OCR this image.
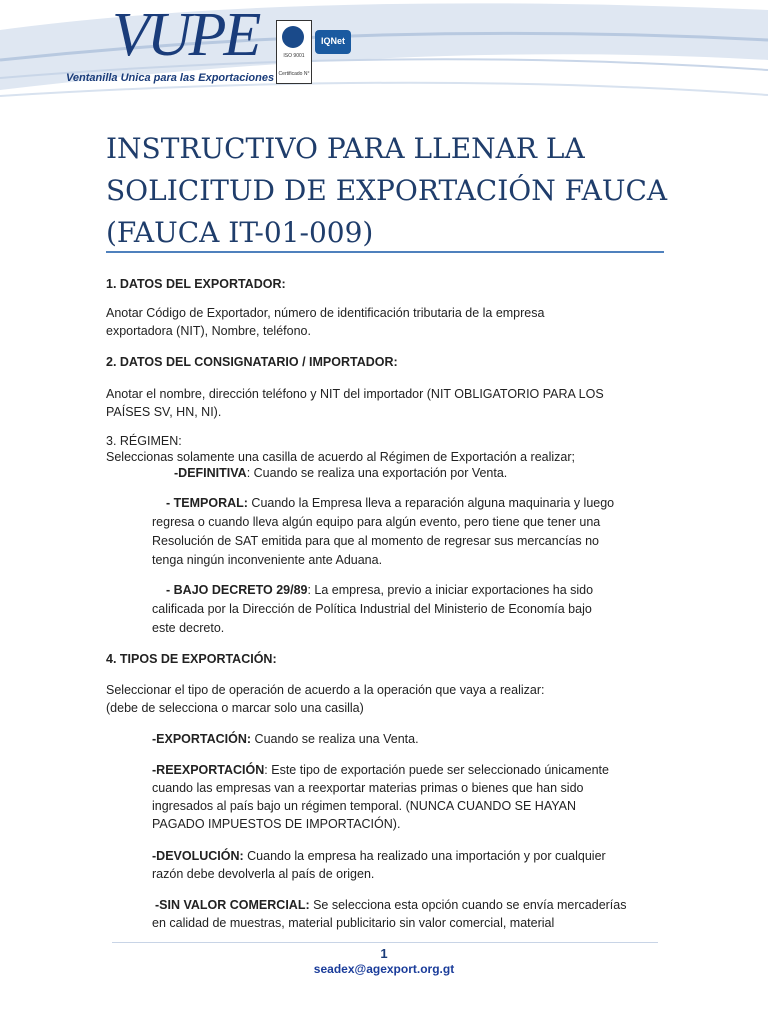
VUPE
Ventanilla Unica para las Exportaciones
ISO 9001
Certificado N°
IQNet
INSTRUCTIVO PARA LLENAR LA
SOLICITUD DE EXPORTACIÓN FAUCA
(FAUCA IT-01-009)
1. DATOS DEL EXPORTADOR:
Anotar Código de Exportador, número de identificación tributaria de la empresa
exportadora (NIT), Nombre, teléfono.
2. DATOS DEL CONSIGNATARIO / IMPORTADOR:
Anotar el nombre, dirección teléfono y NIT del importador (NIT OBLIGATORIO PARA LOS
PAÍSES SV, HN, NI).
3. RÉGIMEN:
Seleccionas solamente una casilla de acuerdo al Régimen de Exportación a realizar;
-DEFINITIVA: Cuando se realiza una exportación por Venta.
- TEMPORAL: Cuando la Empresa lleva a reparación alguna maquinaria y luego
regresa o cuando lleva algún equipo para algún evento, pero tiene que tener una
Resolución de SAT emitida para que al momento de regresar sus mercancías no
tenga ningún inconveniente ante Aduana.
- BAJO DECRETO 29/89: La empresa, previo a iniciar exportaciones ha sido
calificada por la Dirección de Política Industrial del Ministerio de Economía bajo
este decreto.
4. TIPOS DE EXPORTACIÓN:
Seleccionar el tipo de operación de acuerdo a la operación que vaya a realizar:
(debe de selecciona o marcar solo una casilla)
-EXPORTACIÓN: Cuando se realiza una Venta.
-REEXPORTACIÓN: Este tipo de exportación puede ser seleccionado únicamente
cuando las empresas van a reexportar materias primas o bienes que han sido
ingresados al país bajo un régimen temporal. (NUNCA CUANDO SE HAYAN
PAGADO IMPUESTOS DE IMPORTACIÓN).
-DEVOLUCIÓN: Cuando la empresa ha realizado una importación y por cualquier
razón debe devolverla al país de origen.
-SIN VALOR COMERCIAL: Se selecciona esta opción cuando se envía mercaderías
en calidad de muestras, material publicitario sin valor comercial, material
1
seadex@agexport.org.gt
